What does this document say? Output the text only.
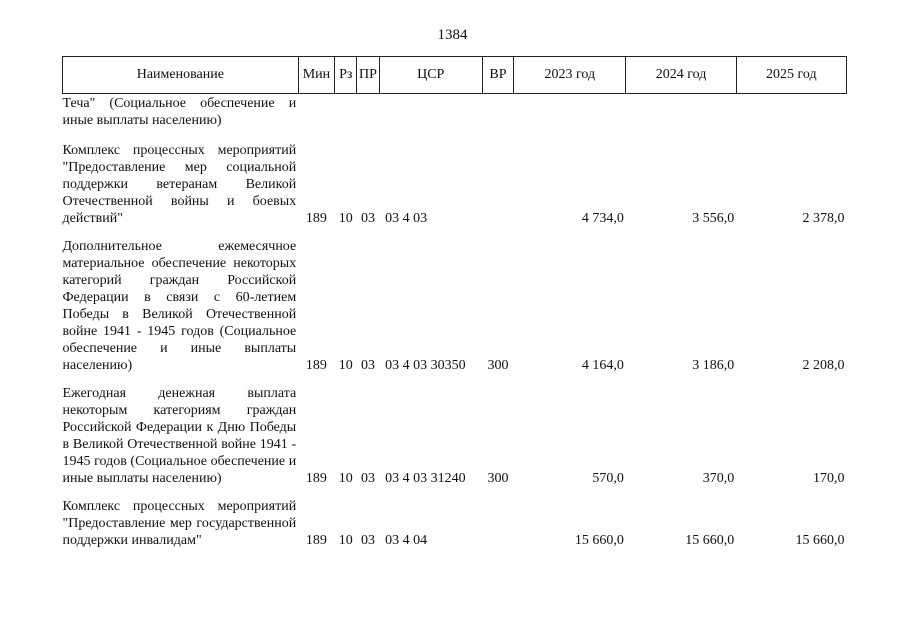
1384
Наименование	Мин	Рз	ПР	ЦСР	ВР	2023 год	2024 год	2025 год
Теча" (Социальное обеспечение и иные выплаты населению)								
Комплекс процессных мероприятий "Предоставление мер социальной поддержки ветеранам Великой Отечественной войны и боевых действий"	189	10	03	03 4 03		4 734,0	3 556,0	2 378,0
Дополнительное ежемесячное материальное обеспечение некоторых категорий граждан Российской Федерации в связи с 60-летием Победы в Великой Отечественной войне 1941 - 1945 годов (Социальное обеспечение и иные выплаты населению)	189	10	03	03 4 03 30350	300	4 164,0	3 186,0	2 208,0
Ежегодная денежная выплата некоторым категориям граждан Российской Федерации к Дню Победы в Великой Отечественной войне 1941 - 1945 годов (Социальное обеспечение и иные выплаты населению)	189	10	03	03 4 03 31240	300	570,0	370,0	170,0
Комплекс процессных мероприятий "Предоставление мер государственной поддержки инвалидам"	189	10	03	03 4 04		15 660,0	15 660,0	15 660,0
